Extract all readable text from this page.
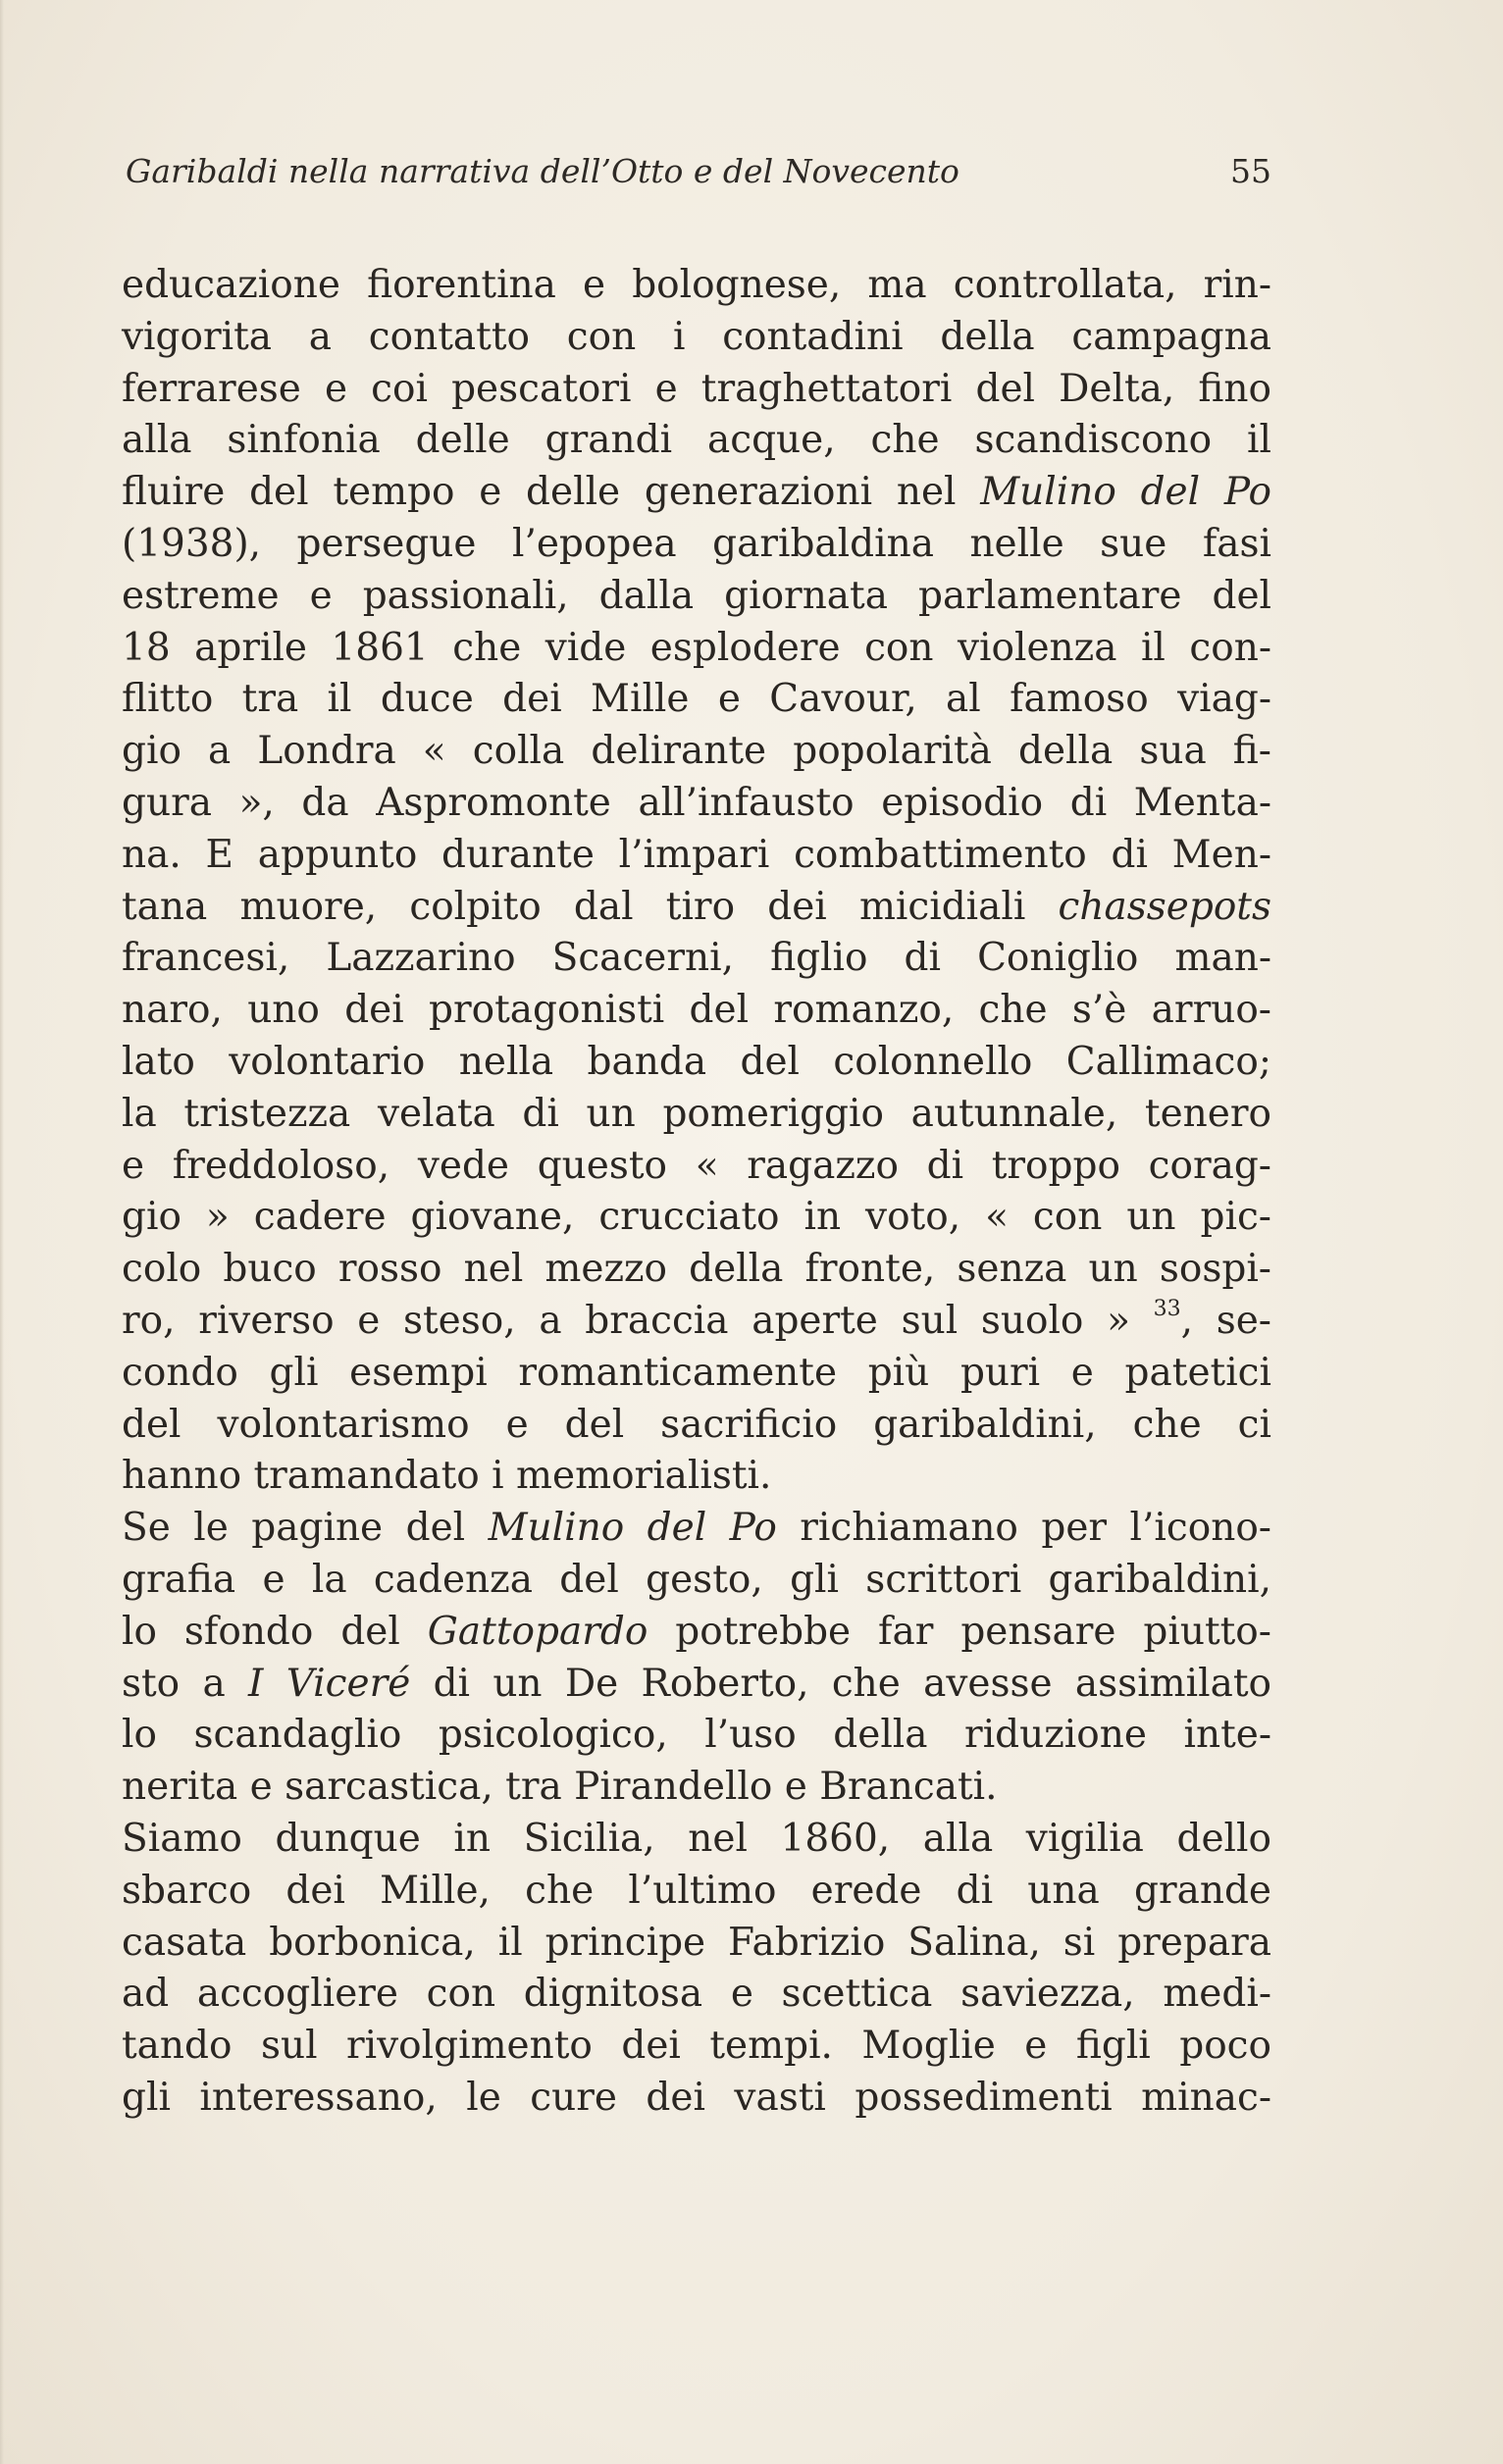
Garibaldi nella narrativa dell’Otto e del Novecento	55
educazione fiorentina e bolognese, ma controllata, rin-
vigorita a contatto con i contadini della campagna
ferrarese e coi pescatori e traghettatori del Delta, fino
alla sinfonia delle grandi acque, che scandiscono il
fluire del tempo e delle generazioni nel Mulino del Po
(1938), persegue l’epopea garibaldina nelle sue fasi
estreme e passionali, dalla giornata parlamentare del
18 aprile 1861 che vide esplodere con violenza il con-
flitto tra il duce dei Mille e Cavour, al famoso viag-
gio a Londra « colla delirante popolarità della sua fi-
gura », da Aspromonte all’infausto episodio di Menta-
na. E appunto durante l’impari combattimento di Men-
tana muore, colpito dal tiro dei micidiali chassepots
francesi, Lazzarino Scacerni, figlio di Coniglio man-
naro, uno dei protagonisti del romanzo, che s’è arruo-
lato volontario nella banda del colonnello Callimaco;
la tristezza velata di un pomeriggio autunnale, tenero
e freddoloso, vede questo « ragazzo di troppo corag-
gio » cadere giovane, crucciato in voto, « con un pic-
colo buco rosso nel mezzo della fronte, senza un sospi-
ro, riverso e steso, a braccia aperte sul suolo » $^{33}$, se-
condo gli esempi romanticamente più puri e patetici
del volontarismo e del sacrificio garibaldini, che ci
hanno tramandato i memorialisti.
Se le pagine del Mulino del Po richiamano per l’icono-
grafia e la cadenza del gesto, gli scrittori garibaldini,
lo sfondo del Gattopardo potrebbe far pensare piutto-
sto a I Viceré di un De Roberto, che avesse assimilato
lo scandaglio psicologico, l’uso della riduzione inte-
nerita e sarcastica, tra Pirandello e Brancati.
Siamo dunque in Sicilia, nel 1860, alla vigilia dello
sbarco dei Mille, che l’ultimo erede di una grande
casata borbonica, il principe Fabrizio Salina, si prepara
ad accogliere con dignitosa e scettica saviezza, medi-
tando sul rivolgimento dei tempi. Moglie e figli poco
gli interessano, le cure dei vasti possedimenti minac-
